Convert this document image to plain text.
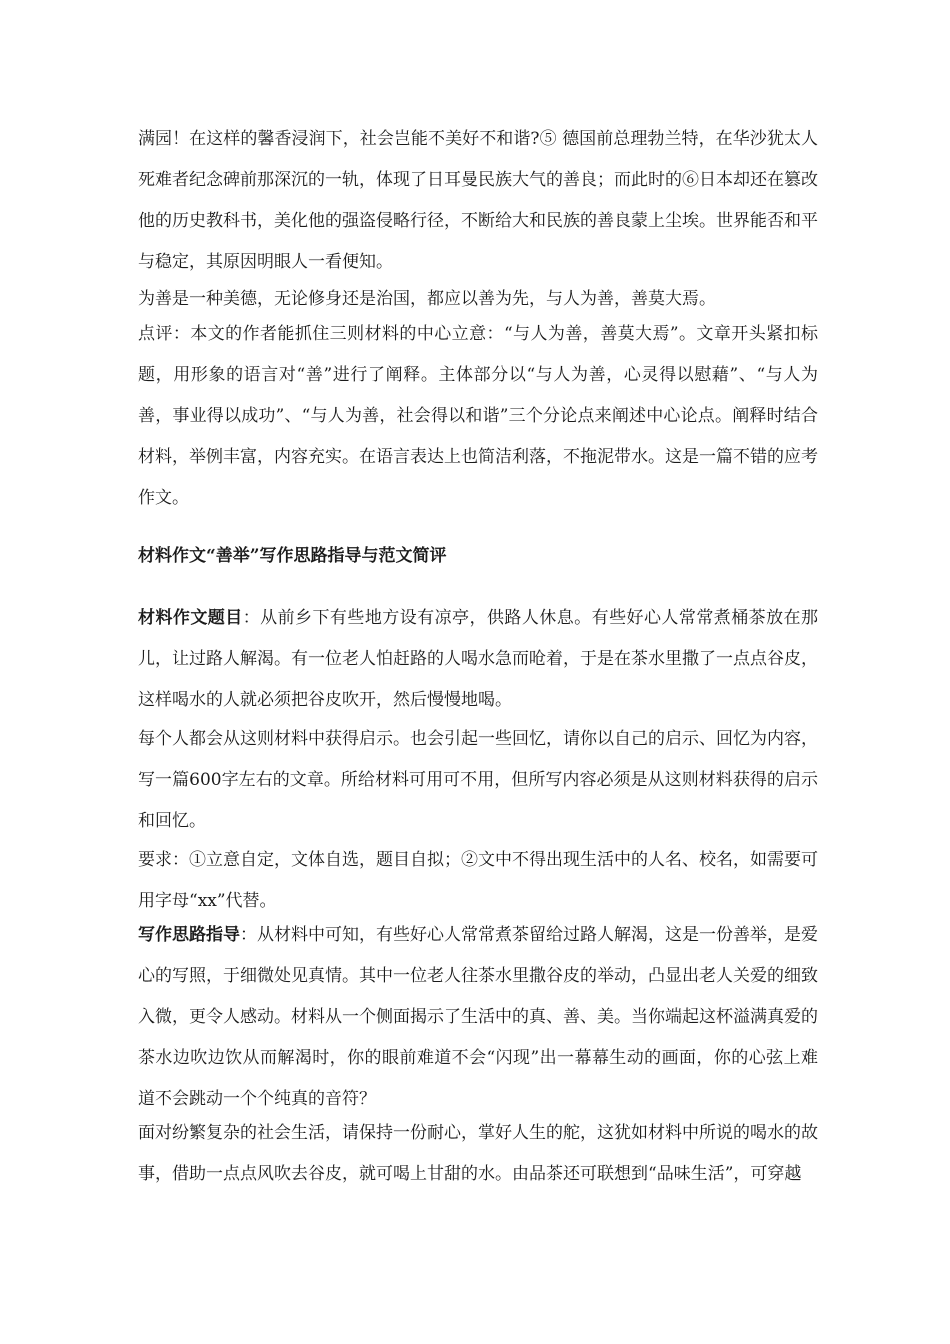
满园！在这样的馨香浸润下，社会岂能不美好不和谐?⑤ 德国前总理勃兰特，在华沙犹太人死难者纪念碑前那深沉的一轨，体现了日耳曼民族大气的善良；而此时的⑥日本却还在篡改他的历史教科书，美化他的强盗侵略行径，不断给大和民族的善良蒙上尘埃。世界能否和平与稳定，其原因明眼人一看便知。

为善是一种美德，无论修身还是治国，都应以善为先，与人为善，善莫大焉。

点评：本文的作者能抓住三则材料的中心立意：“与人为善，善莫大焉”。文章开头紧扣标题，用形象的语言对“善”进行了阐释。主体部分以“与人为善，心灵得以慰藉”、“与人为善，事业得以成功”、“与人为善，社会得以和谐”三个分论点来阐述中心论点。阐释时结合材料，举例丰富，内容充实。在语言表达上也简洁利落，不拖泥带水。这是一篇不错的应考作文。

材料作文“善举”写作思路指导与范文简评

材料作文题目：从前乡下有些地方设有凉亭，供路人休息。有些好心人常常煮桶茶放在那儿，让过路人解渴。有一位老人怕赶路的人喝水急而呛着，于是在茶水里撒了一点点谷皮，这样喝水的人就必须把谷皮吹开，然后慢慢地喝。

每个人都会从这则材料中获得启示。也会引起一些回忆，请你以自己的启示、回忆为内容，写一篇600字左右的文章。所给材料可用可不用，但所写内容必须是从这则材料获得的启示和回忆。

要求：①立意自定，文体自选，题目自拟；②文中不得出现生活中的人名、校名，如需要可用字母“xx”代替。

写作思路指导：从材料中可知，有些好心人常常煮茶留给过路人解渴，这是一份善举，是爱心的写照，于细微处见真情。其中一位老人往茶水里撒谷皮的举动，凸显出老人关爱的细致入微，更令人感动。材料从一个侧面揭示了生活中的真、善、美。当你端起这杯溢满真爱的茶水边吹边饮从而解渴时，你的眼前难道不会“闪现”出一幕幕生动的画面，你的心弦上难道不会跳动一个个纯真的音符？

面对纷繁复杂的社会生活，请保持一份耐心，掌好人生的舵，这犹如材料中所说的喝水的故事，借助一点点风吹去谷皮，就可喝上甘甜的水。由品茶还可联想到“品味生活”，可穿越
